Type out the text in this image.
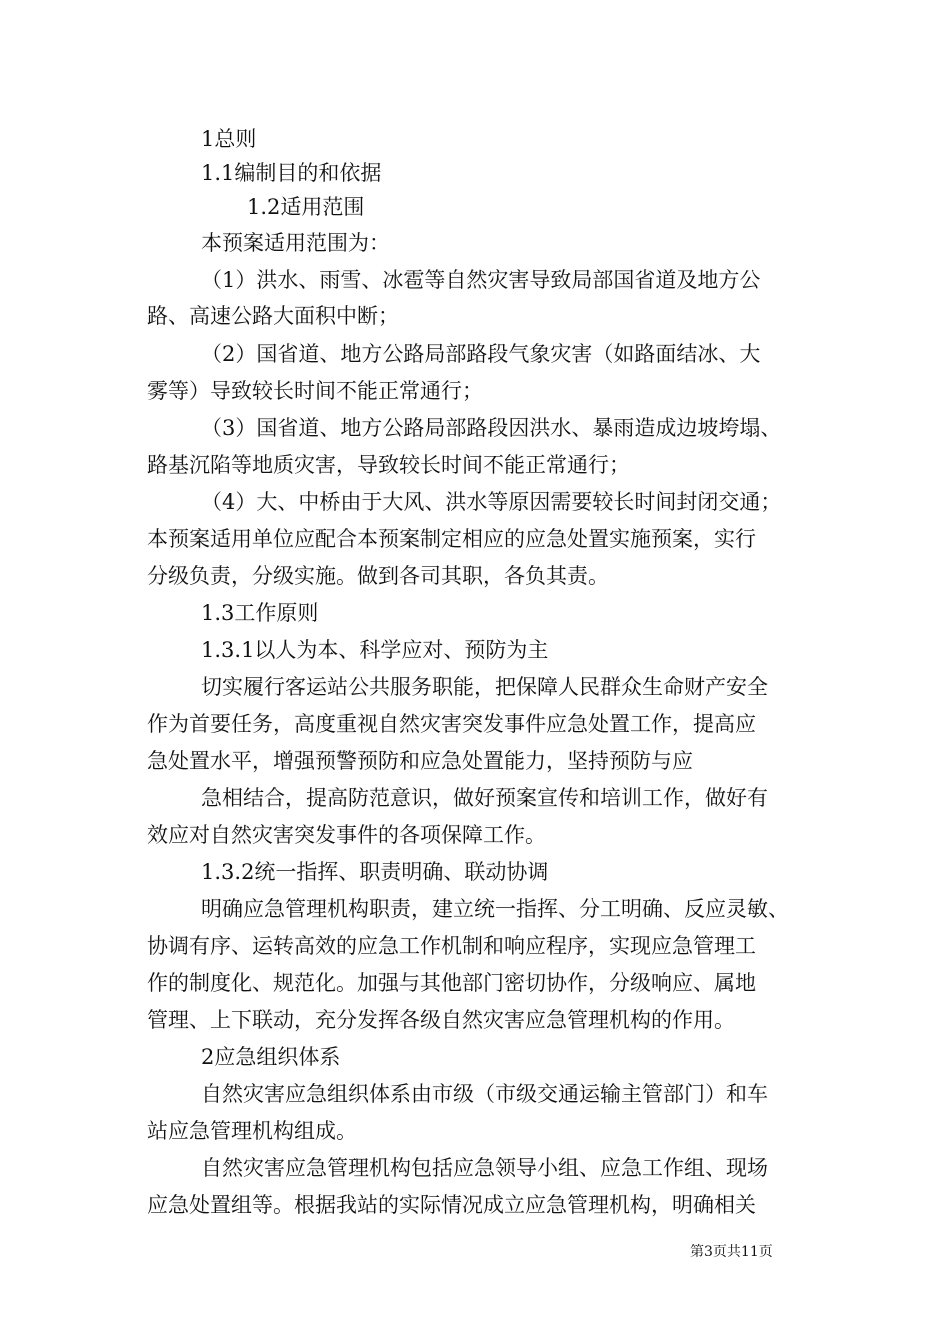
1总则
1.1编制目的和依据
1.2适用范围
本预案适用范围为：
（1）洪水、雨雪、冰雹等自然灾害导致局部国省道及地方公
路、高速公路大面积中断；
（2）国省道、地方公路局部路段气象灾害（如路面结冰、大
雾等）导致较长时间不能正常通行；
（3）国省道、地方公路局部路段因洪水、暴雨造成边坡垮塌、
路基沉陷等地质灾害，导致较长时间不能正常通行；
（4）大、中桥由于大风、洪水等原因需要较长时间封闭交通；
本预案适用单位应配合本预案制定相应的应急处置实施预案，实行
分级负责，分级实施。做到各司其职，各负其责。
1.3工作原则
1.3.1以人为本、科学应对、预防为主
切实履行客运站公共服务职能，把保障人民群众生命财产安全
作为首要任务，高度重视自然灾害突发事件应急处置工作，提高应
急处置水平，增强预警预防和应急处置能力，坚持预防与应
急相结合，提高防范意识，做好预案宣传和培训工作，做好有
效应对自然灾害突发事件的各项保障工作。
1.3.2统一指挥、职责明确、联动协调
明确应急管理机构职责，建立统一指挥、分工明确、反应灵敏、
协调有序、运转高效的应急工作机制和响应程序，实现应急管理工
作的制度化、规范化。加强与其他部门密切协作，分级响应、属地
管理、上下联动，充分发挥各级自然灾害应急管理机构的作用。
2应急组织体系
自然灾害应急组织体系由市级（市级交通运输主管部门）和车
站应急管理机构组成。
自然灾害应急管理机构包括应急领导小组、应急工作组、现场
应急处置组等。根据我站的实际情况成立应急管理机构，明确相关
第3页共11页
